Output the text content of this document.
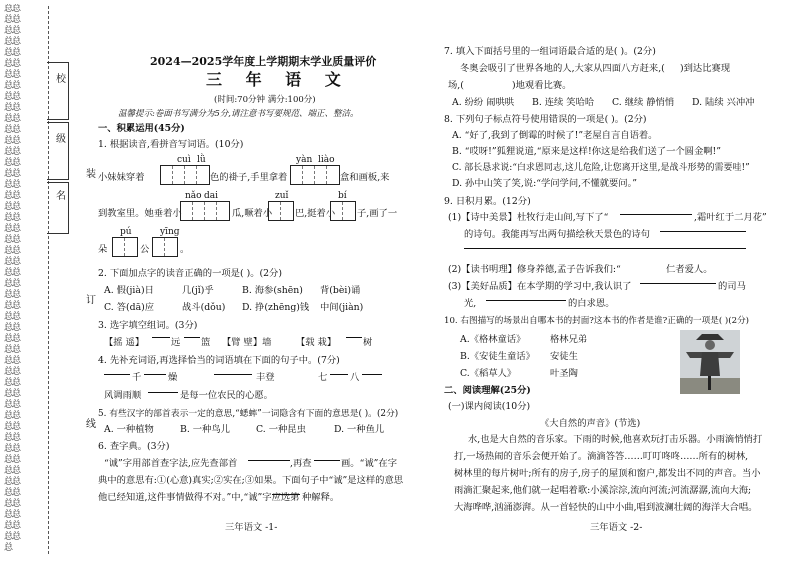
总总总总总总总总总总总总总总总总总总总总总总总总总总总总总总总总总总总总总总总总总总总总总总总总总总总总总总总总总总总总总总总总总总总总总总总总总总总总总总总总总总总总总总总总总总总总总总总总总总总
校
级
名
装
订
线
2024—2025学年度上学期期末学业质量评价
三 年 语 文
(时间:70分钟 满分:100分)
温馨提示:卷面书写满分为5分,请注意书写要规范、端正、整洁。
一、积累运用(45分)
1. 根据读音,看拼音写词语。(10分)
cuì lǜ	yàn liào
小妹妹穿着	色的褂子,手里拿着	盒和画板,来
nǎo dai	zuǐ	bí
到教室里。她垂着小	瓜,噘着小 巴,挺着小 子,画了一
pú	yīng
朵	公	。
2. 下面加点字的读音正确的一项是( )。(2分)
A. 假(jià)日	几(jǐ)乎	B. 海参(shēn) 背(bèi)诵
C. 答(dā)应	战斗(dǒu) D. 挣(zhēng)钱 中间(jiàn)
3. 选字填空组词。(3分)
【摇 遥】	远 篮 【臂 壁】墙	【载 栽】	树
4. 先补充词语,再选择恰当的词语填在下面的句子中。(7分)
千	燥	丰登	七 八
风调雨顺	是每一位农民的心愿。
5. 有些汉字的部首表示一定的意思,“蟋蟀”一词隐含有下面的意思是( )。(2分)
A. 一种植物	B. 一种鸟儿	C. 一种昆虫	D. 一种鱼儿
6. 查字典。(3分)
“诚”字用部首查字法,应先查部首	,再查	画。“诚”在字
典中的意思有:①(心意)真实;②实在;③如果。下面句子中“诚”是这样的意思
他已经知道,这件事情做得不对。”中,“诚”字应选第 种解释。
三年语文 -1-
7. 填入下面括号里的一组词语最合适的是( )。(2分)
冬奥会吸引了世界各地的人,大家从四面八方赶来,( )到达比赛现
场,(	)地观看比赛。
A. 纷纷 闹哄哄 B. 连续 笑哈哈 C. 继续 静悄悄 D. 陆续 兴冲冲
8. 下列句子标点符号使用错误的一项是( )。(2分)
A. “好了,我到了倒霉的时候了!”老屋自言自语着。
B. “哎呀!”狐狸说道,“原来是这样!你这是给我们送了一个圆金啊!”
C. 部长恳求说:“白求恩同志,这儿危险,让您离开这里,是战斗形势的需要哇!”
D. 孙中山笑了笑,说:“学问学问,不懂就要问。”
9. 日积月累。(12分)
(1)【诗中美景】杜牧行走山间,写下了“	,霜叶红于二月花”
的诗句。我能再写出两句描绘秋天景色的诗句
(2)【读书明理】修身养德,孟子告诉我们:“	仁者爱人。
(3)【美好品质】在本学期的学习中,我认识了	的司马
光,	的白求恩。
10. 右图描写的场景出自哪本书的封面?这本书的作者是谁?正确的一项是( )(2分)
A.《格林童话》	格林兄弟
B.《安徒生童话》 安徒生
C.《稻草人》	叶圣陶
二、阅读理解(25分)
(一)课内阅读(10分)
《大自然的声音》(节选)
水,也是大自然的音乐家。下雨的时候,他喜欢玩打击乐器。小雨滴悄悄打
打,一场热闹的音乐会便开始了。滴滴答答……叮叮咚咚……所有的树林,
树林里的每片树叶;所有的房子,房子的屋顶和窗户,都发出不同的声音。当小
雨滴汇聚起来,他们就一起唱着歌:小溪淙淙,流向河流;河流潺潺,流向大海;
大海哗哗,汹涌澎湃。从一首轻快的山中小曲,唱到波澜壮阔的海洋大合唱。
三年语文 -2-
